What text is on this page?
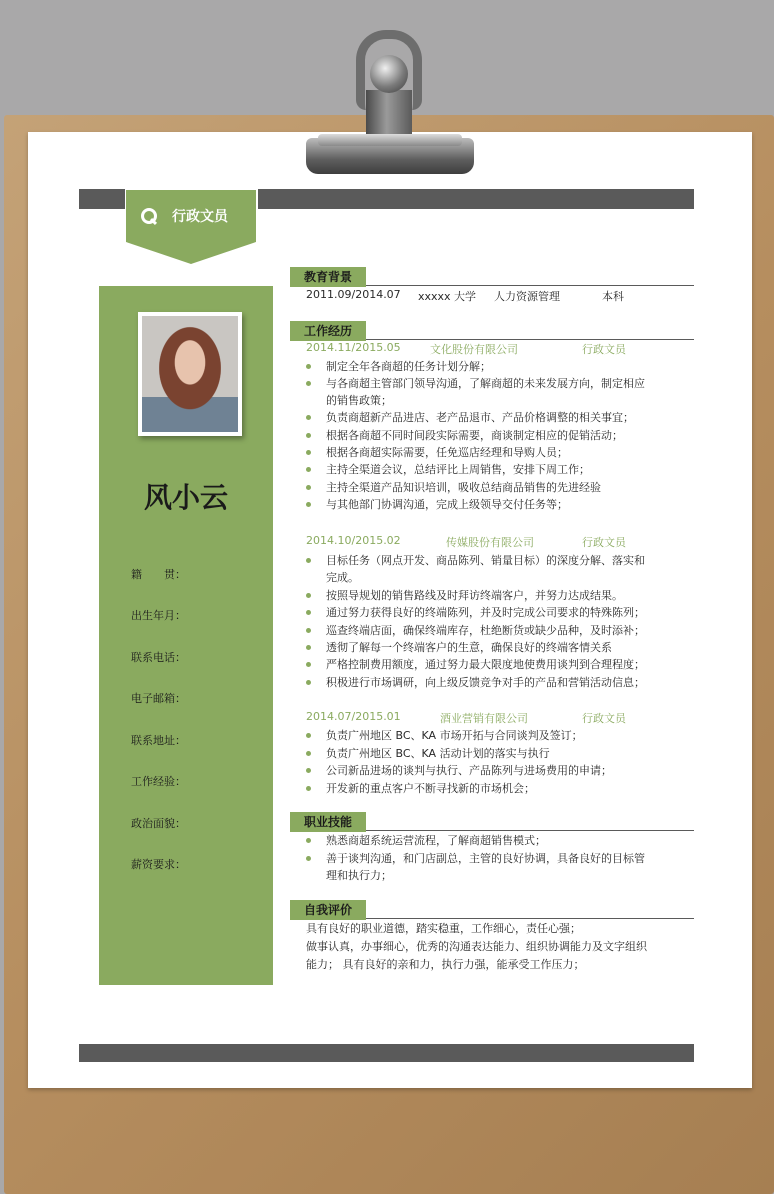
行政文员
风小云
籍　　贯：
出生年月：
联系电话：
电子邮箱：
联系地址：
工作经验：
政治面貌：
薪资要求：
教育背景
2011.09/2014.07 xxxxx 大学 人力资源管理	本科
工作经历
2014.11/2015.05	文化股份有限公司	行政文员
制定全年各商超的任务计划分解；
与各商超主管部门领导沟通，了解商超的未来发展方向，制定相应
的销售政策；
负责商超新产品进店、老产品退市、产品价格调整的相关事宜；
根据各商超不同时间段实际需要，商谈制定相应的促销活动；
根据各商超实际需要，任免巡店经理和导购人员；
主持全渠道会议，总结评比上周销售，安排下周工作；
主持全渠道产品知识培训，吸收总结商品销售的先进经验
与其他部门协调沟通，完成上级领导交付任务等；
2014.10/2015.02	传媒股份有限公司	行政文员
目标任务（网点开发、商品陈列、销量目标）的深度分解、落实和
完成。
按照导规划的销售路线及时拜访终端客户，并努力达成结果。
通过努力获得良好的终端陈列，并及时完成公司要求的特殊陈列；
巡查终端店面，确保终端库存，杜绝断货或缺少品种，及时添补；
透彻了解每一个终端客户的生意，确保良好的终端客情关系
严格控制费用额度，通过努力最大限度地使费用谈判到合理程度；
积极进行市场调研，向上级反馈竞争对手的产品和营销活动信息；
2014.07/2015.01	酒业营销有限公司	行政文员
负责广州地区 BC、KA 市场开拓与合同谈判及签订；
负责广州地区 BC、KA 活动计划的落实与执行
公司新品进场的谈判与执行、产品陈列与进场费用的申请；
开发新的重点客户不断寻找新的市场机会；
职业技能
熟悉商超系统运营流程，了解商超销售模式；
善于谈判沟通，和门店副总，主管的良好协调，具备良好的目标管
理和执行力；
自我评价
具有良好的职业道德，踏实稳重，工作细心，责任心强；
做事认真，办事细心，优秀的沟通表达能力、组织协调能力及文字组织
能力； 具有良好的亲和力，执行力强，能承受工作压力；
